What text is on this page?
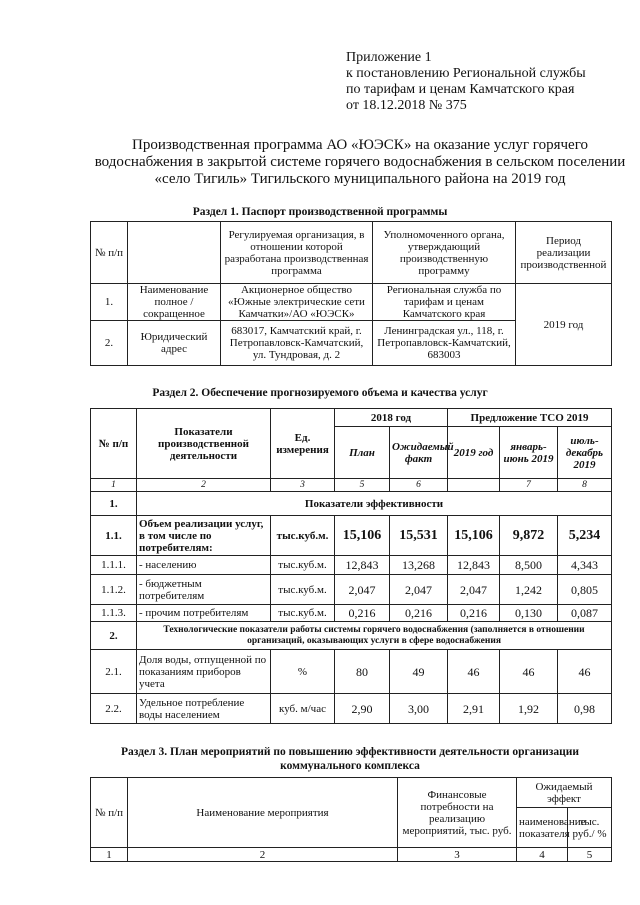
Приложение 1
к постановлению Региональной службы
по тарифам и ценам Камчатского края
от 18.12.2018 № 375
Производственная программа АО «ЮЭСК» на оказание услуг горячего водоснабжения в закрытой системе горячего водоснабжения в сельском поселении «село Тигиль» Тигильского муниципального района на 2019 год
Раздел 1. Паспорт производственной программы
№ п/п		Регулируемая организация, в отношении которой разработана производственная программа	Уполномоченного органа, утверждающий производственную программу	Период реализации производственной
1.	Наименование полное / сокращенное	Акционерное общество «Южные электрические сети Камчатки»/АО «ЮЭСК»	Региональная служба по тарифам и ценам Камчатского края	2019 год
2.	Юридический адрес	683017, Камчатский край, г. Петропавловск-Камчатский, ул. Тундровая, д. 2	Ленинградская ул., 118, г. Петропавловск-Камчатский, 683003	
Раздел 2. Обеспечение прогнозируемого объема и качества услуг
№ п/п	Показатели производственной деятельности	Ед. измерения	2018 год		Предложение ТСО 2019		
			План	Ожидаемый факт	2019 год	январь-июнь 2019	июль-декабрь 2019
1	2	3	5	6		7	8
1.	Показатели эффективности						
1.1.	Объем реализации услуг, в том числе по потребителям:	тыс.куб.м.	15,106	15,531	15,106	9,872	5,234
1.1.1.	- населению	тыс.куб.м.	12,843	13,268	12,843	8,500	4,343
1.1.2.	- бюджетным потребителям	тыс.куб.м.	2,047	2,047	2,047	1,242	0,805
1.1.3.	- прочим потребителям	тыс.куб.м.	0,216	0,216	0,216	0,130	0,087
2.	Технологические показатели работы системы горячего водоснабжения (заполняется в отношении организаций, оказывающих услуги в сфере водоснабжения						
2.1.	Доля воды, отпущенной по показаниям приборов учета	%	80	49	46	46	46
2.2.	Удельное потребление воды населением	куб. м/час	2,90	3,00	2,91	1,92	0,98
Раздел 3. План мероприятий по повышению эффективности деятельности организации
коммунального комплекса
№ п/п	Наименование мероприятия	Финансовые потребности на реализацию мероприятий, тыс. руб.	Ожидаемый эффект	
			наименование показателя	тыс. руб./ %
1	2	3	4	5
